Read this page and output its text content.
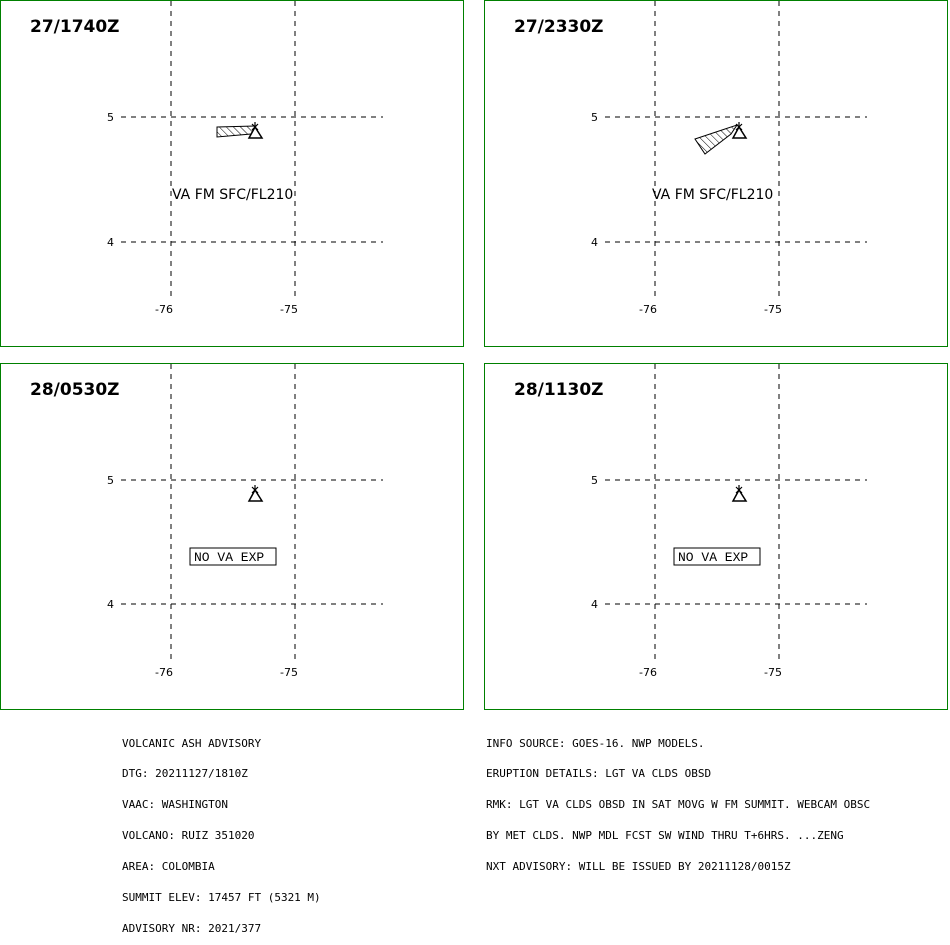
27/1740Z
5
4
-76	-75
VA FM SFC/FL210
27/2330Z
5
4
-76	-75
VA FM SFC/FL210
28/0530Z
5
4
-76	-75
NO VA EXP
28/1130Z
5
4
-76	-75
NO VA EXP

VOLCANIC ASH ADVISORY

DTG: 20211127/1810Z

VAAC: WASHINGTON

VOLCANO: RUIZ 351020

AREA: COLOMBIA

SUMMIT ELEV: 17457 FT (5321 M)

ADVISORY NR: 2021/377

INFO SOURCE: GOES-16. NWP MODELS.

ERUPTION DETAILS: LGT VA CLDS OBSD

RMK: LGT VA CLDS OBSD IN SAT MOVG W FM SUMMIT. WEBCAM OBSC

BY MET CLDS. NWP MDL FCST SW WIND THRU T+6HRS. ...ZENG

NXT ADVISORY: WILL BE ISSUED BY 20211128/0015Z
